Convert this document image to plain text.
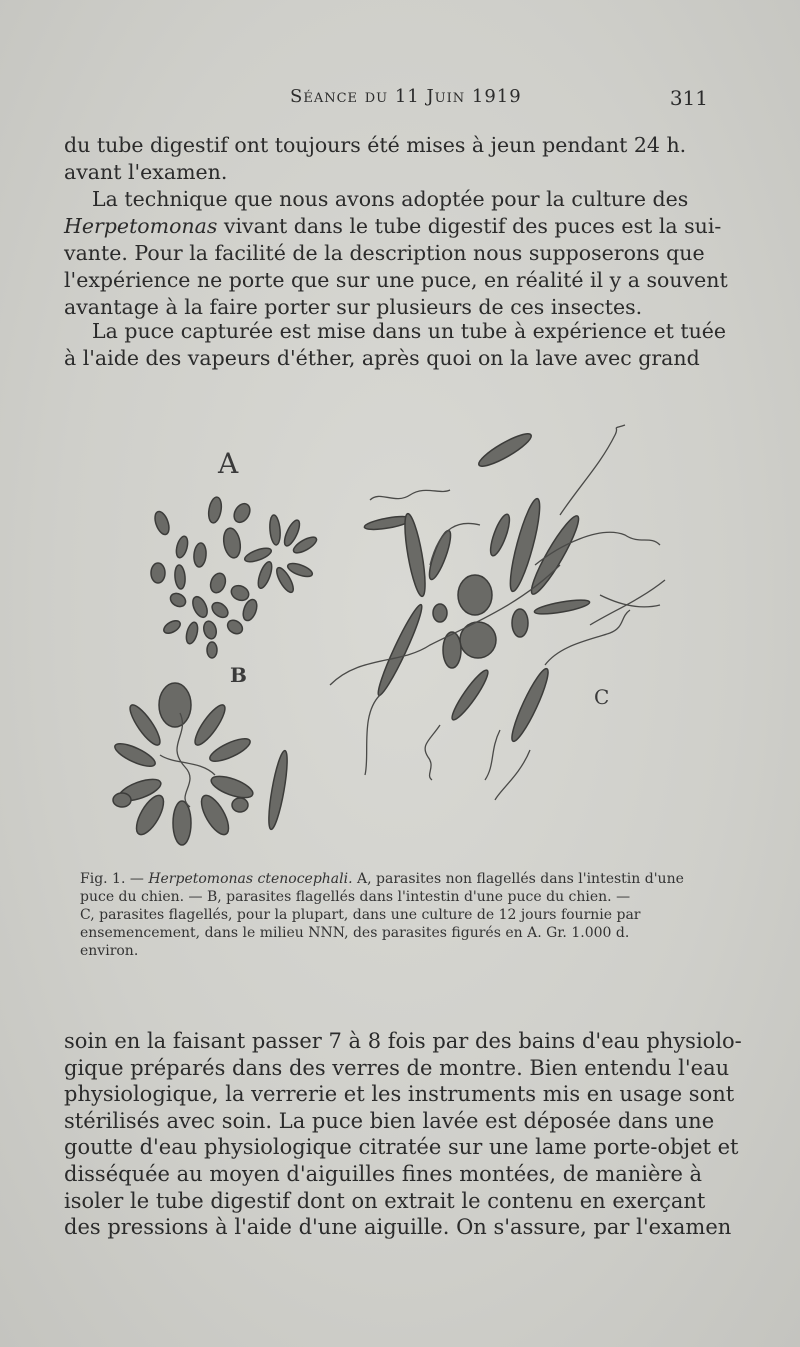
Séance du 11 Juin 1919	311

du tube digestif ont toujours été mises à jeun pendant 24 h.
avant l'examen.

La technique que nous avons adoptée pour la culture des
Herpetomonas vivant dans le tube digestif des puces est la sui-
vante. Pour la facilité de la description nous supposerons que
l'expérience ne porte que sur une puce, en réalité il y a souvent
avantage à la faire porter sur plusieurs de ces insectes.

La puce capturée est mise dans un tube à expérience et tuée
à l'aide des vapeurs d'éther, après quoi on la lave avec grand

A
B
C
Fig. 1. — Herpetomonas ctenocephali. A, parasites non flagellés dans l'intestin d'une
puce du chien. — B, parasites flagellés dans l'intestin d'une puce du chien. —
C, parasites flagellés, pour la plupart, dans une culture de 12 jours fournie par
ensemencement, dans le milieu NNN, des parasites figurés en A. Gr. 1.000 d.
environ.

soin en la faisant passer 7 à 8 fois par des bains d'eau physiolo-
gique préparés dans des verres de montre. Bien entendu l'eau
physiologique, la verrerie et les instruments mis en usage sont
stérilisés avec soin. La puce bien lavée est déposée dans une
goutte d'eau physiologique citratée sur une lame porte-objet et
disséquée au moyen d'aiguilles fines montées, de manière à
isoler le tube digestif dont on extrait le contenu en exerçant
des pressions à l'aide d'une aiguille. On s'assure, par l'examen
